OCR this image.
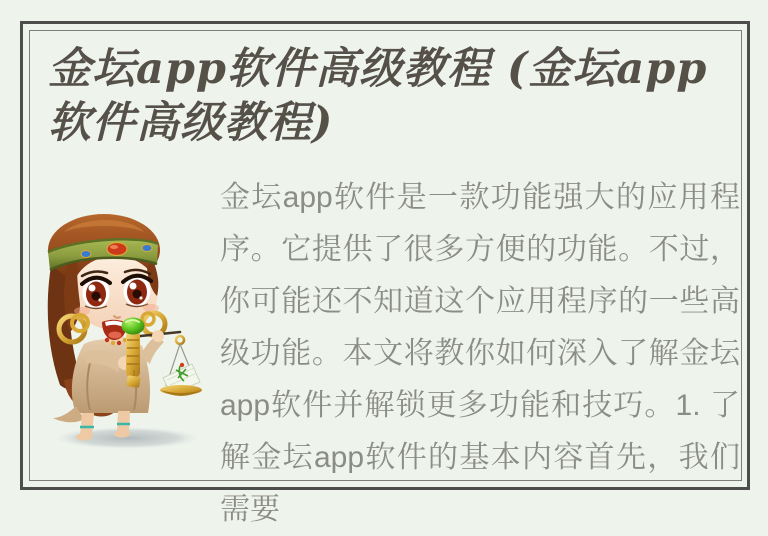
金坛app软件高级教程 (金坛app软件高级教程)

金坛app软件是一款功能强大的应用程序。它提供了很多方便的功能。不过，你可能还不知道这个应用程序的一些高级功能。本文将教你如何深入了解金坛app软件并解锁更多功能和技巧。1. 了解金坛app软件的基本内容首先，我们需要
